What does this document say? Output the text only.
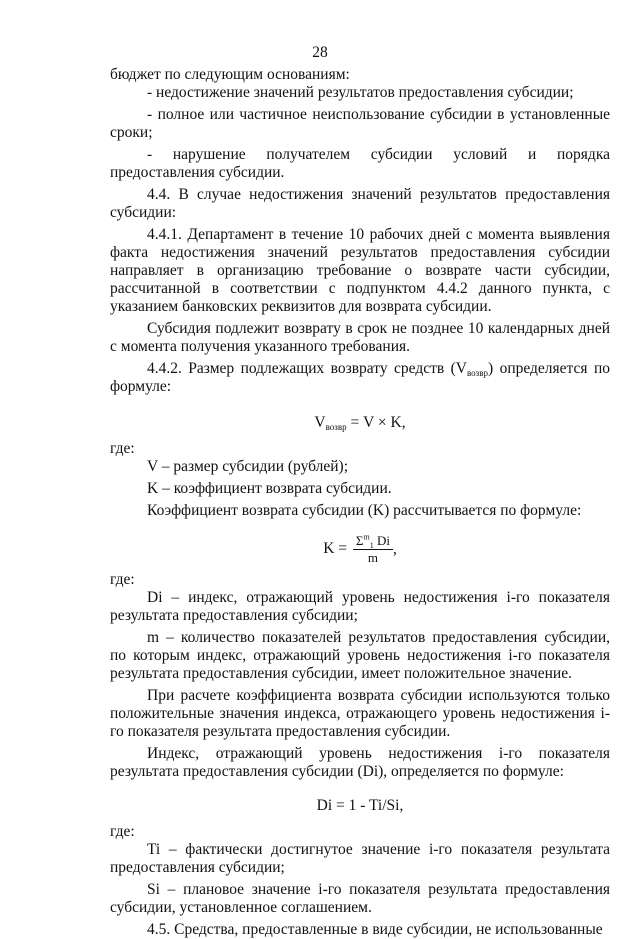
28

бюджет по следующим основаниям:

- недостижение значений результатов предоставления субсидии;

- полное или частичное неиспользование субсидии в установленные сроки;

- нарушение получателем субсидии условий и порядка предоставления субсидии.

4.4. В случае недостижения значений результатов предоставления субсидии:

4.4.1. Департамент в течение 10 рабочих дней с момента выявления факта недостижения значений результатов предоставления субсидии направляет в организацию требование о возврате части субсидии, рассчитанной в соответствии с подпунктом 4.4.2 данного пункта, с указанием банковских реквизитов для возврата субсидии.

Субсидия подлежит возврату в срок не позднее 10 календарных дней с момента получения указанного требования.

4.4.2. Размер подлежащих возврату средств $(V_{возвр})$ определяется по формуле:

$V_{возвр} = V \times K$,

где:

V – размер субсидии (рублей);

K – коэффициент возврата субсидии.

Коэффициент возврата субсидии (K) рассчитывается по формуле:

$K = \frac{\Sigma^m_1 Di}{m}$ ,

где:

Di – индекс, отражающий уровень недостижения i-го показателя результата предоставления субсидии;

m – количество показателей результатов предоставления субсидии, по которым индекс, отражающий уровень недостижения i-го показателя результата предоставления субсидии, имеет положительное значение.

При расчете коэффициента возврата субсидии используются только положительные значения индекса, отражающего уровень недостижения i-го показателя результата предоставления субсидии.

Индекс, отражающий уровень недостижения i-го показателя результата предоставления субсидии (Di), определяется по формуле:

Di = 1 - Ti/Si,

где:

Ti – фактически достигнутое значение i-го показателя результата предоставления субсидии;

Si – плановое значение i-го показателя результата предоставления субсидии, установленное соглашением.

4.5. Средства, предоставленные в виде субсидии, не использованные
